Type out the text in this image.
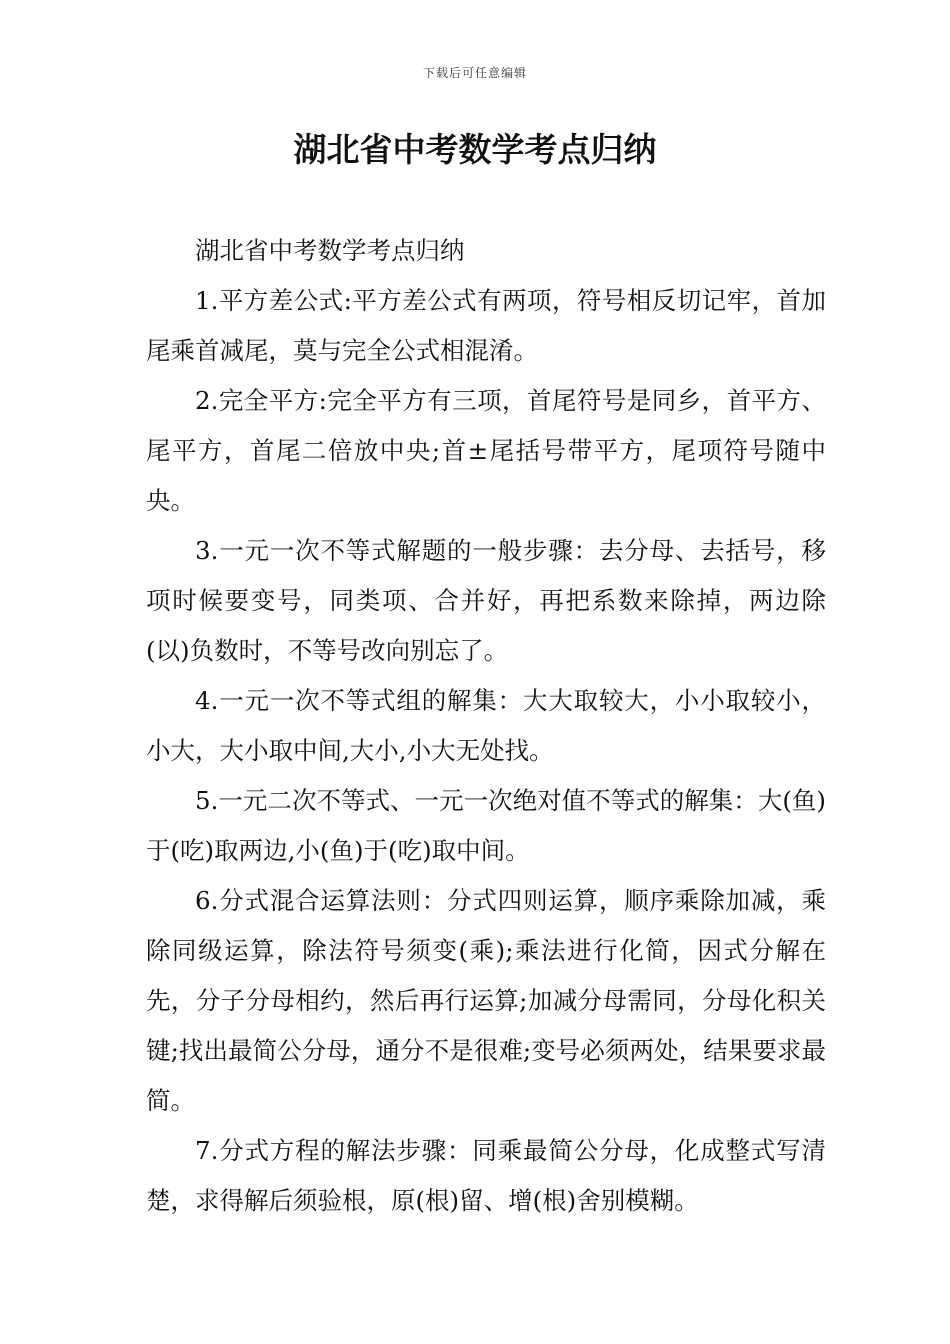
下载后可任意编辑
湖北省中考数学考点归纳

湖北省中考数学考点归纳

1.平方差公式:平方差公式有两项，符号相反切记牢，首加尾乘首减尾，莫与完全公式相混淆。

2.完全平方:完全平方有三项，首尾符号是同乡，首平方、尾平方，首尾二倍放中央;首±尾括号带平方，尾项符号随中央。

3.一元一次不等式解题的一般步骤：去分母、去括号，移项时候要变号，同类项、合并好，再把系数来除掉，两边除(以)负数时，不等号改向别忘了。

4.一元一次不等式组的解集：大大取较大，小小取较小，小大，大小取中间,大小,小大无处找。

5.一元二次不等式、一元一次绝对值不等式的解集：大(鱼)于(吃)取两边,小(鱼)于(吃)取中间。

6.分式混合运算法则：分式四则运算，顺序乘除加减，乘除同级运算，除法符号须变(乘);乘法进行化简，因式分解在先，分子分母相约，然后再行运算;加减分母需同，分母化积关键;找出最简公分母，通分不是很难;变号必须两处，结果要求最简。

7.分式方程的解法步骤：同乘最简公分母，化成整式写清楚，求得解后须验根，原(根)留、增(根)舍别模糊。
